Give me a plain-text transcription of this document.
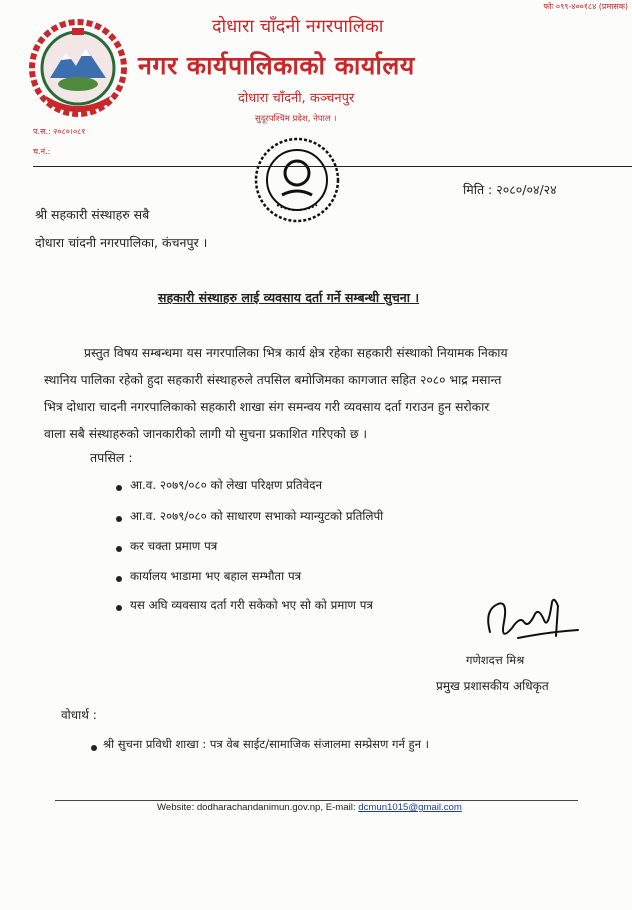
फोः ०९९-४००१८४ (प्रमासक)
दोधारा चाँदनी नगरपालिका
नगर कार्यपालिकाको कार्यालय
दोधारा चाँदनी, कञ्चनपुर
सुदूरपश्चिम प्रदेश, नेपाल ।
प.स.: २०८०।०८१
च.नं.:
मिति : २०८०/०४/२४
श्री सहकारी संस्थाहरु सबै
दोधारा चांदनी नगरपालिका, कंचनपुर ।
सहकारी संस्थाहरु लाई व्यवसाय दर्ता गर्ने सम्बन्धी सुचना ।
प्रस्तुत विषय सम्बन्धमा यस नगरपालिका भित्र कार्य क्षेत्र रहेका सहकारी संस्थाको नियामक निकाय
स्थानिय पालिका रहेको हुदा सहकारी संस्थाहरुले तपसिल बमोजिमका कागजात सहित २०८० भाद्र मसान्त
भित्र दोधारा चादनी नगरपालिकाको सहकारी शाखा संग समन्वय गरी व्यवसाय दर्ता गराउन हुन सरोकार
वाला सबै संस्थाहरुको जानकारीको लागी यो सुचना प्रकाशित गरिएको छ ।
तपसिल :
आ.व. २०७९/०८० को लेखा परिक्षण प्रतिवेदन
आ.व. २०७९/०८० को साधारण सभाको म्यान्युटको प्रतिलिपी
कर चक्ता प्रमाण पत्र
कार्यालय भाडामा भए बहाल सम्भौता पत्र
यस अघि व्यवसाय दर्ता गरी सकेको भए सो को प्रमाण पत्र
गणेशदत्त मिश्र
प्रमुख प्रशासकीय अधिकृत
वोधार्थ :
श्री सुचना प्रविधी शाखा : पत्र वेब साईट/सामाजिक संजालमा सम्प्रेसण गर्न हुन ।
Website: dodharachandanimun.gov.np, E-mail: dcmun1015@gmail.com
